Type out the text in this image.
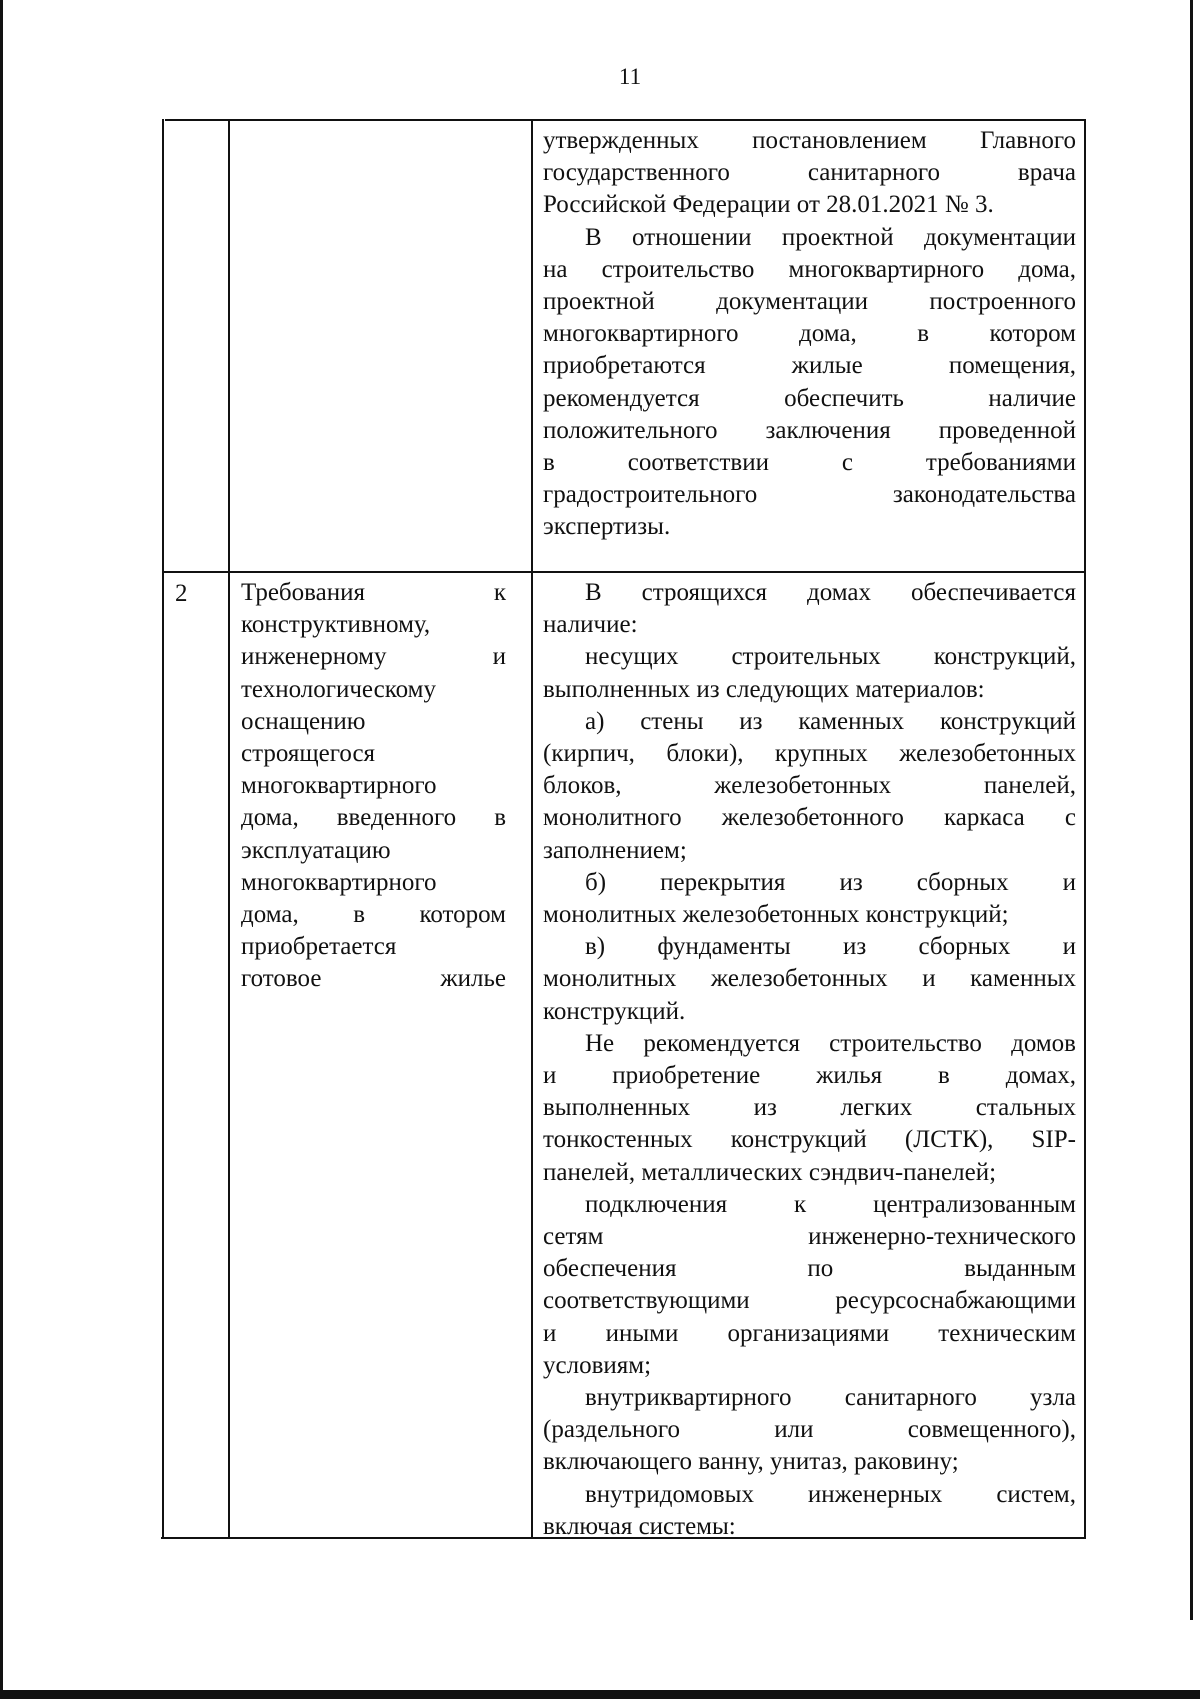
11

утвержденных постановлением Главного

государственного санитарного врача

Российской Федерации от 28.01.2021 № 3.

В отношении проектной документации

на строительство многоквартирного дома,

проектной документации построенного

многоквартирного дома, в котором

приобретаются жилые помещения,

рекомендуется обеспечить наличие

положительного заключения проведенной

в соответствии с требованиями

градостроительного законодательства

экспертизы.

2 Требования к

конструктивному,

инженерному и

технологическому

оснащению

строящегося

многоквартирного

дома, введенного в

эксплуатацию

многоквартирного

дома, в котором

приобретается

готовое жилье

В строящихся домах обеспечивается

наличие:

несущих строительных конструкций,

выполненных из следующих материалов:

а) стены из каменных конструкций

(кирпич, блоки), крупных железобетонных

блоков, железобетонных панелей,

монолитного железобетонного каркаса с

заполнением;

б) перекрытия из сборных и

монолитных железобетонных конструкций;

в) фундаменты из сборных и

монолитных железобетонных и каменных

конструкций.

Не рекомендуется строительство домов

и приобретение жилья в домах,

выполненных из легких стальных

тонкостенных конструкций (ЛСТК), SIP-

панелей, металлических сэндвич-панелей;

подключения к централизованным

сетям инженерно-технического

обеспечения по выданным

соответствующими ресурсоснабжающими

и иными организациями техническим

условиям;

внутриквартирного санитарного узла

(раздельного или совмещенного),

включающего ванну, унитаз, раковину;

внутридомовых инженерных систем,

включая системы:
